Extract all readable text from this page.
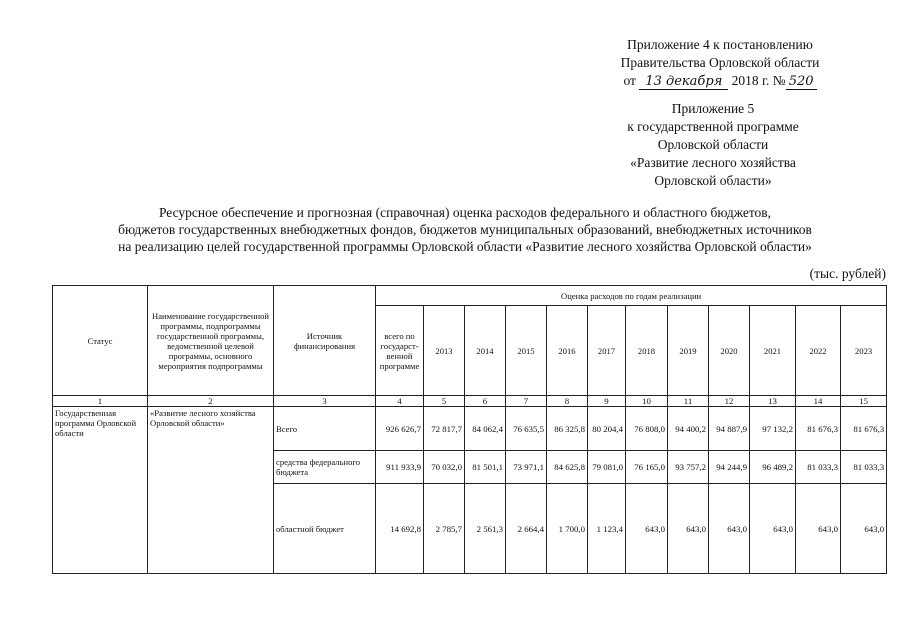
Приложение 4 к постановлению
Правительства Орловской области
от 13 декабря 2018 г. № 520
Приложение 5
к государственной программе
Орловской области
«Развитие лесного хозяйства
Орловской области»
Ресурсное обеспечение и прогнозная (справочная) оценка расходов федерального и областного бюджетов,
бюджетов государственных внебюджетных фондов, бюджетов муниципальных образований, внебюджетных источников
на реализацию целей государственной программы Орловской области «Развитие лесного хозяйства Орловской области»
(тыс. рублей)
Статус	Наименование государственной программы, подпрограммы государственной программы, ведомственной целевой программы, основного мероприятия подпрограммы	Источник финансирования	Оценка расходов по годам реализации											
			всего по государст-венной программе	2013	2014	2015	2016	2017	2018	2019	2020	2021	2022	2023
1	2	3	4	5	6	7	8	9	10	11	12	13	14	15
Государственная программа Орловской области	«Развитие лесного хозяйства Орловской области»	Всего	926 626,7	72 817,7	84 062,4	76 635,5	86 325,8	80 204,4	76 808,0	94 400,2	94 887,9	97 132,2	81 676,3	81 676,3
		средства федерального бюджета	911 933,9	70 032,0	81 501,1	73 971,1	84 625,8	79 081,0	76 165,0	93 757,2	94 244,9	96 489,2	81 033,3	81 033,3
		областной бюджет	14 692,8	2 785,7	2 561,3	2 664,4	1 700,0	1 123,4	643,0	643,0	643,0	643,0	643,0	643,0
